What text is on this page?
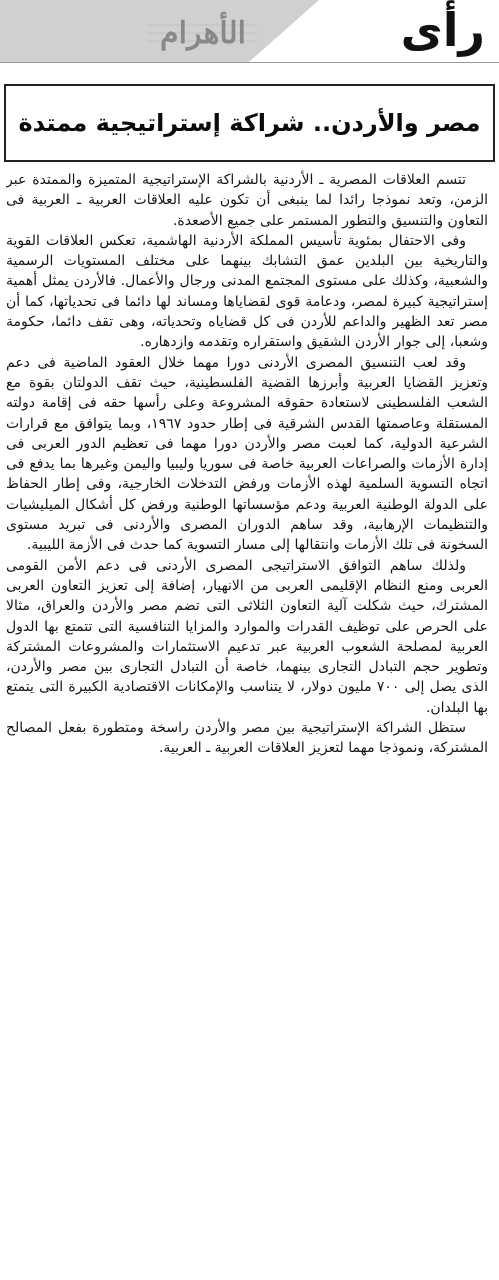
الأهرام	رأى
مصر والأردن.. شراكة إستراتيجية ممتدة

تتسم العلاقات المصرية ـ الأردنية بالشراكة الإستراتيجية المتميزة والممتدة عبر الزمن، وتعد نموذجا رائدا لما ينبغى أن تكون عليه العلاقات العربية ـ العربية فى التعاون والتنسيق والتطور المستمر على جميع الأصعدة.

وفى الاحتفال بمئوية تأسيس المملكة الأردنية الهاشمية، تعكس العلاقات القوية والتاريخية بين البلدين عمق التشابك بينهما على مختلف المستويات الرسمية والشعبية، وكذلك على مستوى المجتمع المدنى ورجال والأعمال. فالأردن يمثل أهمية إستراتيجية كبيرة لمصر، ودعامة قوى لقضاياها ومساند لها دائما فى تحدياتها، كما أن مصر تعد الظهير والداعم للأردن فى كل قضاياه وتحدياته، وهى تقف دائما، حكومة وشعبا، إلى جوار الأردن الشقيق واستقراره وتقدمه وازدهاره.

وقد لعب التنسيق المصرى الأردنى دورا مهما خلال العقود الماضية فى دعم وتعزيز القضايا العربية وأبرزها القضية الفلسطينية، حيث تقف الدولتان بقوة مع الشعب الفلسطينى لاستعادة حقوقه المشروعة وعلى رأسها حقه فى إقامة دولته المستقلة وعاصمتها القدس الشرقية فى إطار حدود ١٩٦٧، وبما يتوافق مع قرارات الشرعية الدولية، كما لعبت مصر والأردن دورا مهما فى تعظيم الدور العربى فى إدارة الأزمات والصراعات العربية خاصة فى سوريا وليبيا واليمن وغيرها بما يدفع فى اتجاه التسوية السلمية لهذه الأزمات ورفض التدخلات الخارجية، وفى إطار الحفاظ على الدولة الوطنية العربية ودعم مؤسساتها الوطنية ورفض كل أشكال الميليشيات والتنظيمات الإرهابية، وقد ساهم الدوران المصرى والأردنى فى تبريد مستوى السخونة فى تلك الأزمات وانتقالها إلى مسار التسوية كما حدث فى الأزمة الليبية.

ولذلك ساهم التوافق الاستراتيجى المصرى الأردنى فى دعم الأمن القومى العربى ومنع النظام الإقليمى العربى من الانهيار، إضافة إلى تعزيز التعاون العربى المشترك، حيث شكلت آلية التعاون الثلاثى التى تضم مصر والأردن والعراق، مثالا على الحرص على توظيف القدرات والموارد والمزايا التنافسية التى تتمتع بها الدول العربية لمصلحة الشعوب العربية عبر تدعيم الاستثمارات والمشروعات المشتركة وتطوير حجم التبادل التجارى بينهما، خاصة أن التبادل التجارى بين مصر والأردن، الذى يصل إلى ٧٠٠ مليون دولار، لا يتناسب والإمكانات الاقتصادية الكبيرة التى يتمتع بها البلدان.

ستظل الشراكة الإستراتيجية بين مصر والأردن راسخة ومتطورة بفعل المصالح المشتركة، ونموذجا مهما لتعزيز العلاقات العربية ـ العربية.
